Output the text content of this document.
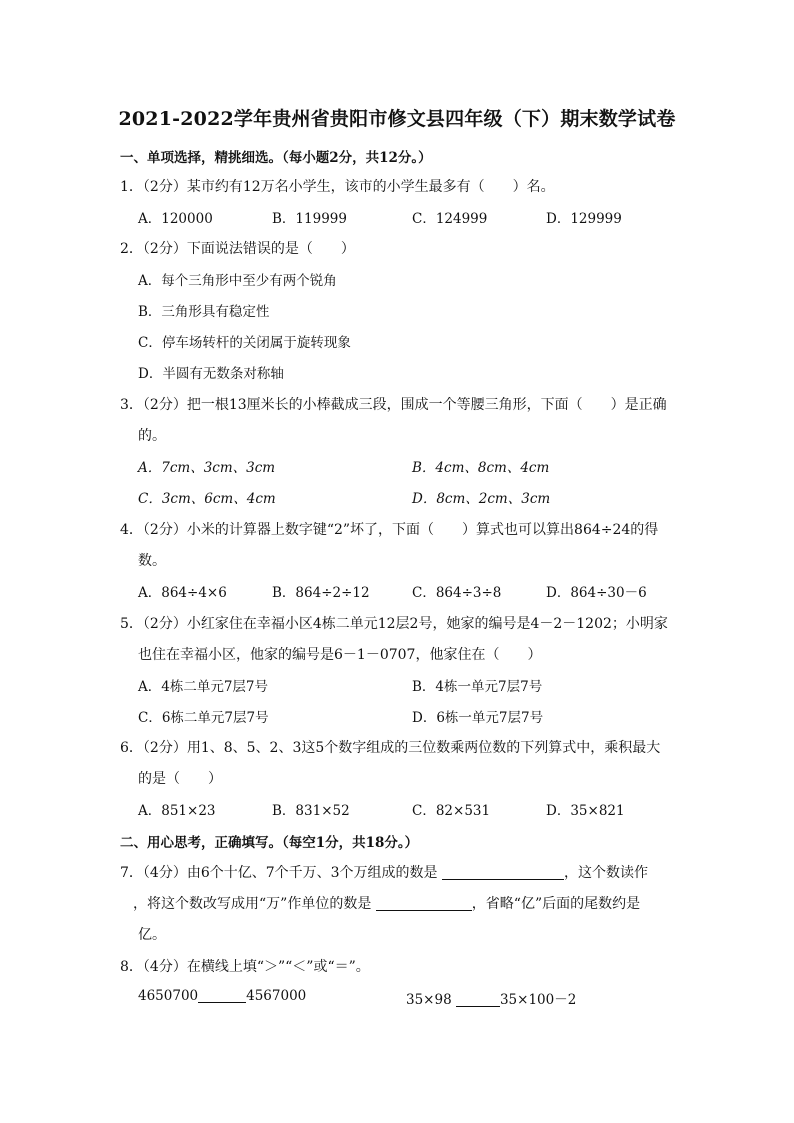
2021-2022学年贵州省贵阳市修文县四年级（下）期末数学试卷
一、单项选择，精挑细选。（每小题2分，共12分。）
1．（2分）某市约有12万名小学生，该市的小学生最多有（　　）名。
A．120000	B．119999	C．124999	D．129999
2．（2分）下面说法错误的是（　　）
A．每个三角形中至少有两个锐角
B．三角形具有稳定性
C．停车场转杆的关闭属于旋转现象
D．半圆有无数条对称轴
3．（2分）把一根13厘米长的小棒截成三段，围成一个等腰三角形，下面（　　）是正确
的。
A．7cm、3cm、3cm	B．4cm、8cm、4cm
C．3cm、6cm、4cm	D．8cm、2cm、3cm
4．（2分）小米的计算器上数字键“2”坏了，下面（　　）算式也可以算出864÷24的得
数。
A．864÷4×6	B．864÷2÷12	C．864÷3÷8	D．864÷30－6
5．（2分）小红家住在幸福小区4栋二单元12层2号，她家的编号是4－2－1202；小明家
也住在幸福小区，他家的编号是6－1－0707，他家住在（　　）
A．4栋二单元7层7号	B．4栋一单元7层7号
C．6栋二单元7层7号	D．6栋一单元7层7号
6．（2分）用1、8、5、2、3这5个数字组成的三位数乘两位数的下列算式中，乘积最大
的是（　　）
A．851×23	B．831×52	C．82×531	D．35×821
二、用心思考，正确填写。（每空1分，共18分。）
7．（4分）由6个十亿、7个千万、3个万组成的数是	，这个数读作
，将这个数改写成用“万”作单位的数是	，省略“亿”后面的尾数约是
亿。
8．（4分）在横线上填“＞”“＜”或“＝”。
4650700	4567000	35×98	35×100－2
